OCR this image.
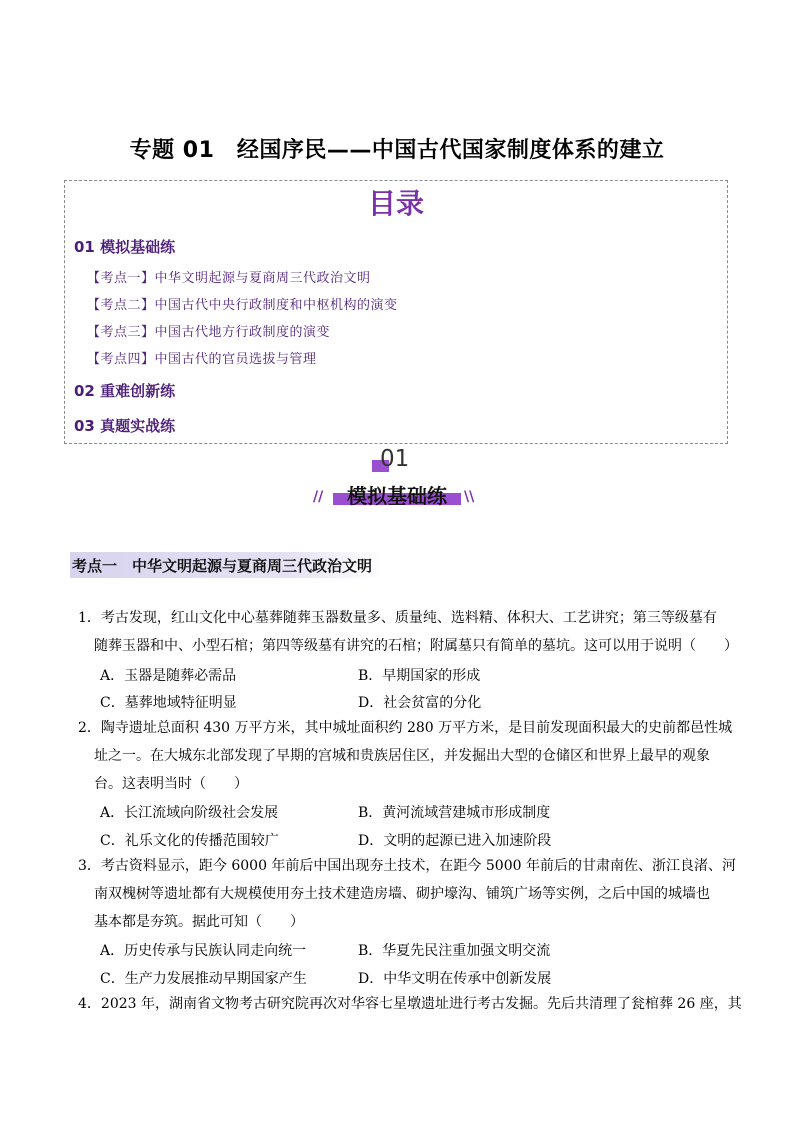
专题 01　经国序民——中国古代国家制度体系的建立
目录
01 模拟基础练
【考点一】中华文明起源与夏商周三代政治文明
【考点二】中国古代中央行政制度和中枢机构的演变
【考点三】中国古代地方行政制度的演变
【考点四】中国古代的官员选拔与管理
02 重难创新练
03 真题实战练
01
//	模拟基础练	\\
考点一　中华文明起源与夏商周三代政治文明
1．考古发现，红山文化中心墓葬随葬玉器数量多、质量纯、选料精、体积大、工艺讲究；第三等级墓有
随葬玉器和中、小型石棺；第四等级墓有讲究的石棺；附属墓只有简单的墓坑。这可以用于说明（　　）
A．玉器是随葬必需品	B．早期国家的形成
C．墓葬地域特征明显	D．社会贫富的分化
2．陶寺遗址总面积 430 万平方米，其中城址面积约 280 万平方米，是目前发现面积最大的史前都邑性城
址之一。在大城东北部发现了早期的宫城和贵族居住区，并发掘出大型的仓储区和世界上最早的观象
台。这表明当时（　　）
A．长江流域向阶级社会发展	B．黄河流域营建城市形成制度
C．礼乐文化的传播范围较广	D．文明的起源已进入加速阶段
3．考古资料显示，距今 6000 年前后中国出现夯土技术，在距今 5000 年前后的甘肃南佐、浙江良渚、河
南双槐树等遗址都有大规模使用夯土技术建造房墙、砌护壕沟、铺筑广场等实例，之后中国的城墙也
基本都是夯筑。据此可知（　　）
A．历史传承与民族认同走向统一	B．华夏先民注重加强文明交流
C．生产力发展推动早期国家产生	D．中华文明在传承中创新发展
4．2023 年，湖南省文物考古研究院再次对华容七星墩遗址进行考古发掘。先后共清理了瓮棺葬 26 座，其
